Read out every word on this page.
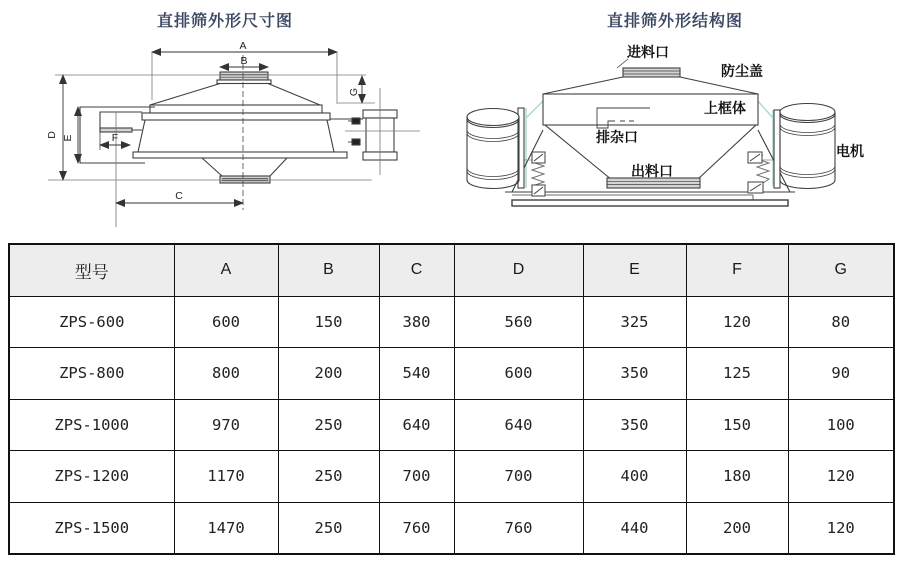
直排筛外形尺寸图	直排筛外形结构图
A
B
C
D E	F
G
进料口
防尘盖
上框体
排杂口
出料口
电机
型号	A	B	C	D	E	F	G
ZPS-600	600	150	380	560	325	120	80
ZPS-800	800	200	540	600	350	125	90
ZPS-1000	970	250	640	640	350	150	100
ZPS-1200	1170	250	700	700	400	180	120
ZPS-1500	1470	250	760	760	440	200	120
